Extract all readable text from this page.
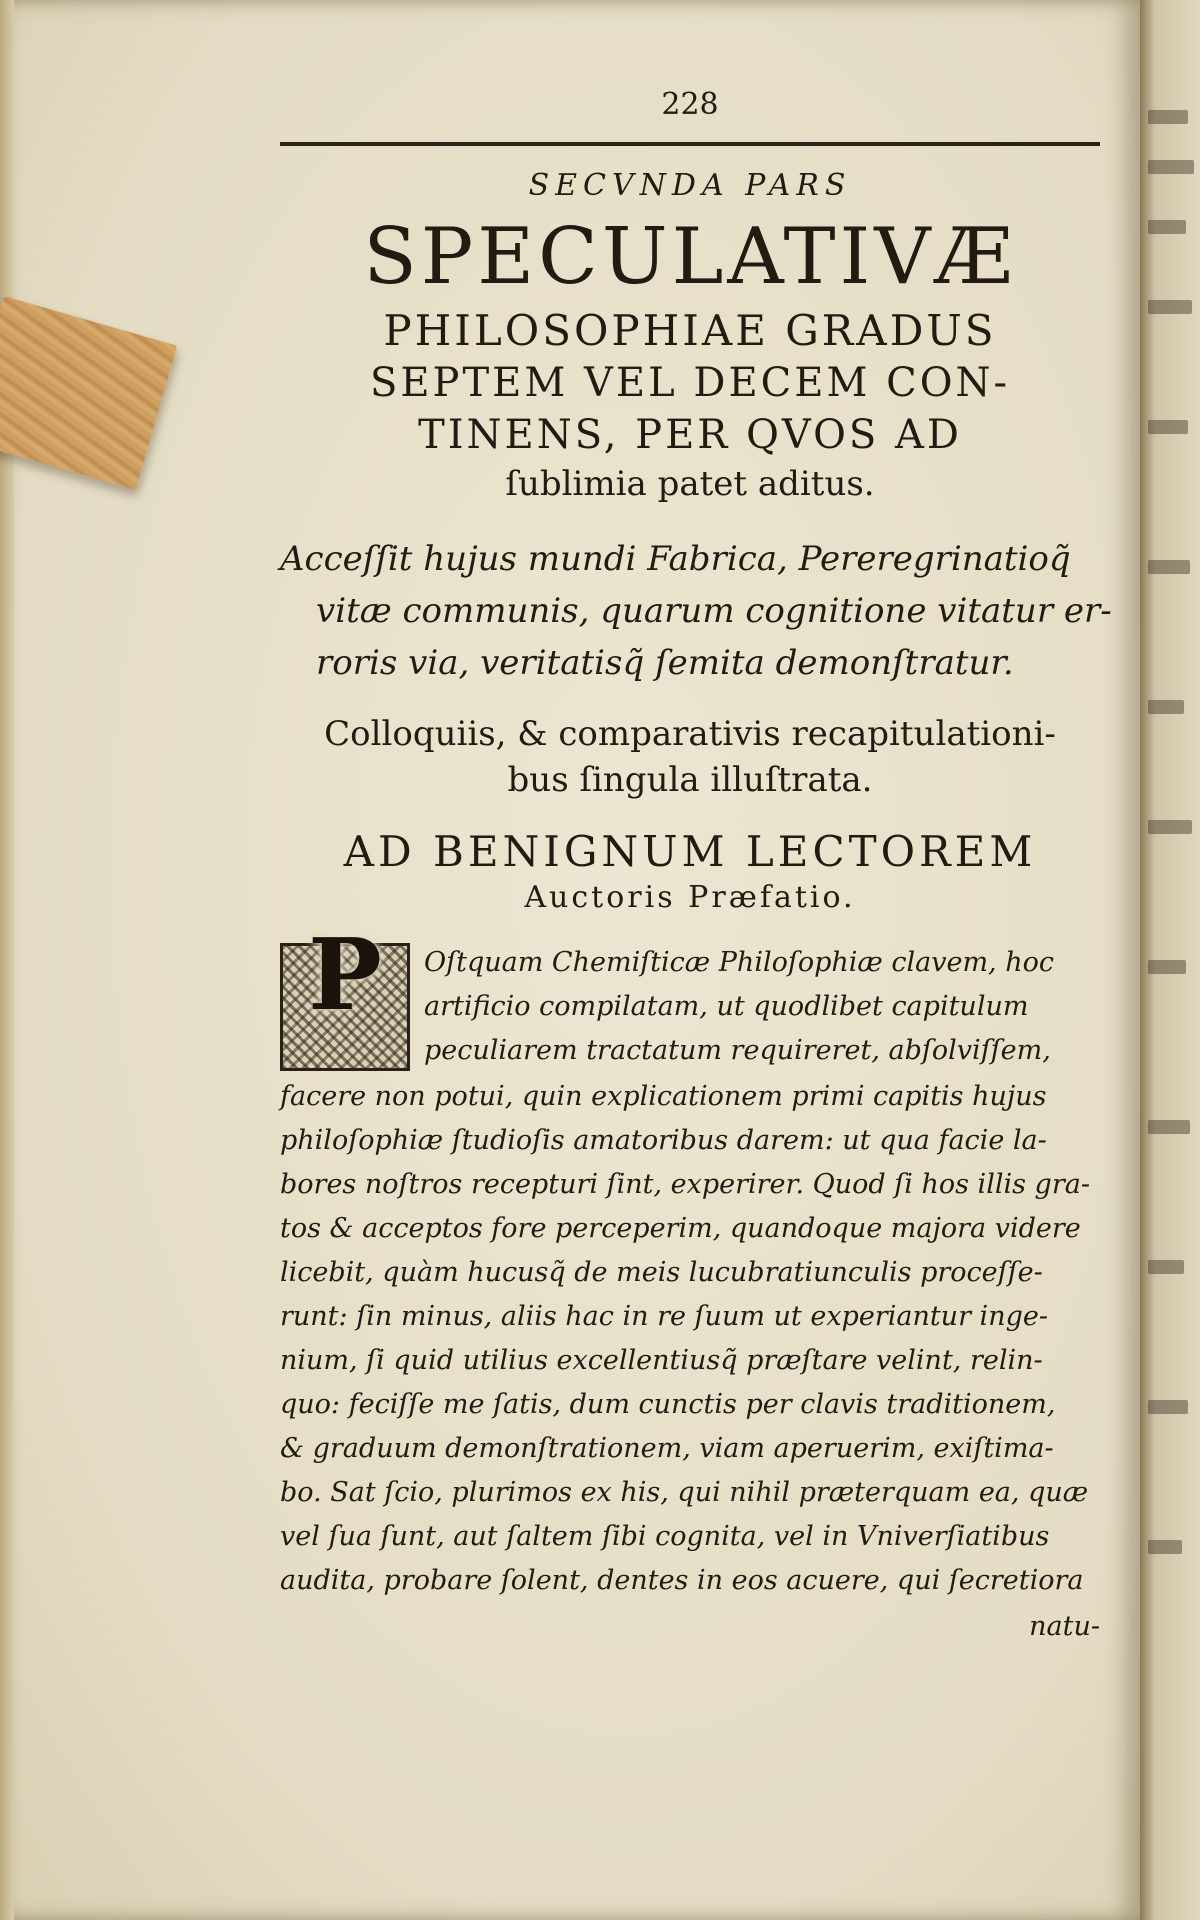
228
SECVNDA PARS
SPECULATIVÆ
PHILOSOPHIAE GRADUS
SEPTEM VEL DECEM CON-
TINENS, PER QVOS AD
ſublimia patet aditus.
Acceſſit hujus mundi Fabrica, Pereregrinatioq̃
vitæ communis, quarum cognitione vitatur er-
roris via, veritatisq̃ ſemita demonſtratur.
Colloquiis, & comparativis recapitulationi-
bus ſingula illuſtrata.
AD BENIGNUM LECTOREM
Auctoris Præfatio.
P	Oſtquam Chemiſticæ Philoſophiæ clavem, hoc
artificio compilatam, ut quodlibet capitulum
peculiarem tractatum requireret, abſolviſſem,
facere non potui, quin explicationem primi capitis hujus
philoſophiæ ſtudioſis amatoribus darem: ut qua facie la-
bores noſtros recepturi ſint, experirer. Quod ſi hos illis gra-
tos & acceptos fore perceperim, quandoque majora videre
licebit, quàm hucusq̃ de meis lucubratiunculis proceſſe-
runt: ſin minus, aliis hac in re ſuum ut experiantur inge-
nium, ſi quid utilius excellentiusq̃ præſtare velint, relin-
quo: feciſſe me ſatis, dum cunctis per clavis traditionem,
& graduum demonſtrationem, viam aperuerim, exiſtima-
bo. Sat ſcio, plurimos ex his, qui nihil præterquam ea, quæ
vel ſua ſunt, aut ſaltem ſibi cognita, vel in Vniverſiatibus
audita, probare ſolent, dentes in eos acuere, qui ſecretiora
natu-
